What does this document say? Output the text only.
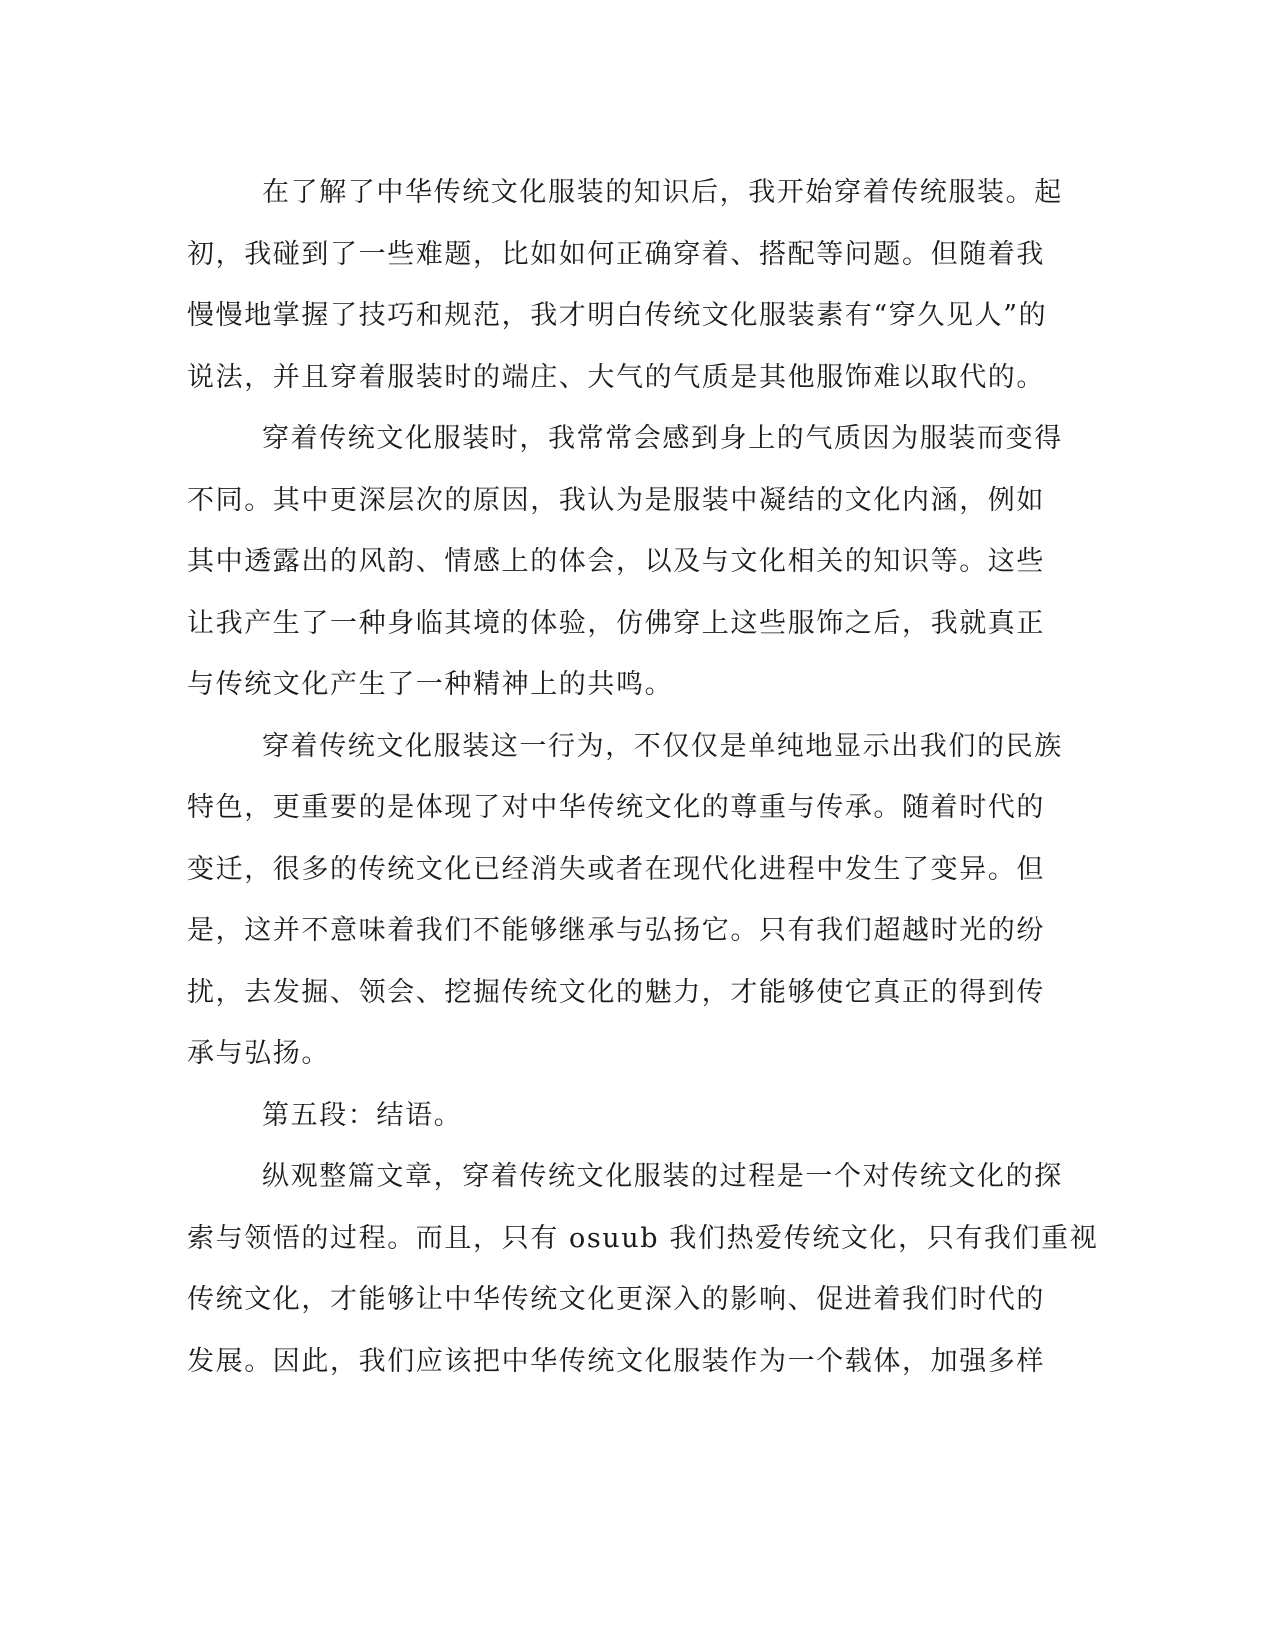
在了解了中华传统文化服装的知识后，我开始穿着传统服装。起
初，我碰到了一些难题，比如如何正确穿着、搭配等问题。但随着我
慢慢地掌握了技巧和规范，我才明白传统文化服装素有“穿久见人”的
说法，并且穿着服装时的端庄、大气的气质是其他服饰难以取代的。
穿着传统文化服装时，我常常会感到身上的气质因为服装而变得
不同。其中更深层次的原因，我认为是服装中凝结的文化内涵，例如
其中透露出的风韵、情感上的体会，以及与文化相关的知识等。这些
让我产生了一种身临其境的体验，仿佛穿上这些服饰之后，我就真正
与传统文化产生了一种精神上的共鸣。
穿着传统文化服装这一行为，不仅仅是单纯地显示出我们的民族
特色，更重要的是体现了对中华传统文化的尊重与传承。随着时代的
变迁，很多的传统文化已经消失或者在现代化进程中发生了变异。但
是，这并不意味着我们不能够继承与弘扬它。只有我们超越时光的纷
扰，去发掘、领会、挖掘传统文化的魅力，才能够使它真正的得到传
承与弘扬。
第五段：结语。
纵观整篇文章，穿着传统文化服装的过程是一个对传统文化的探
索与领悟的过程。而且，只有 osuub 我们热爱传统文化，只有我们重视
传统文化，才能够让中华传统文化更深入的影响、促进着我们时代的
发展。因此，我们应该把中华传统文化服装作为一个载体，加强多样
